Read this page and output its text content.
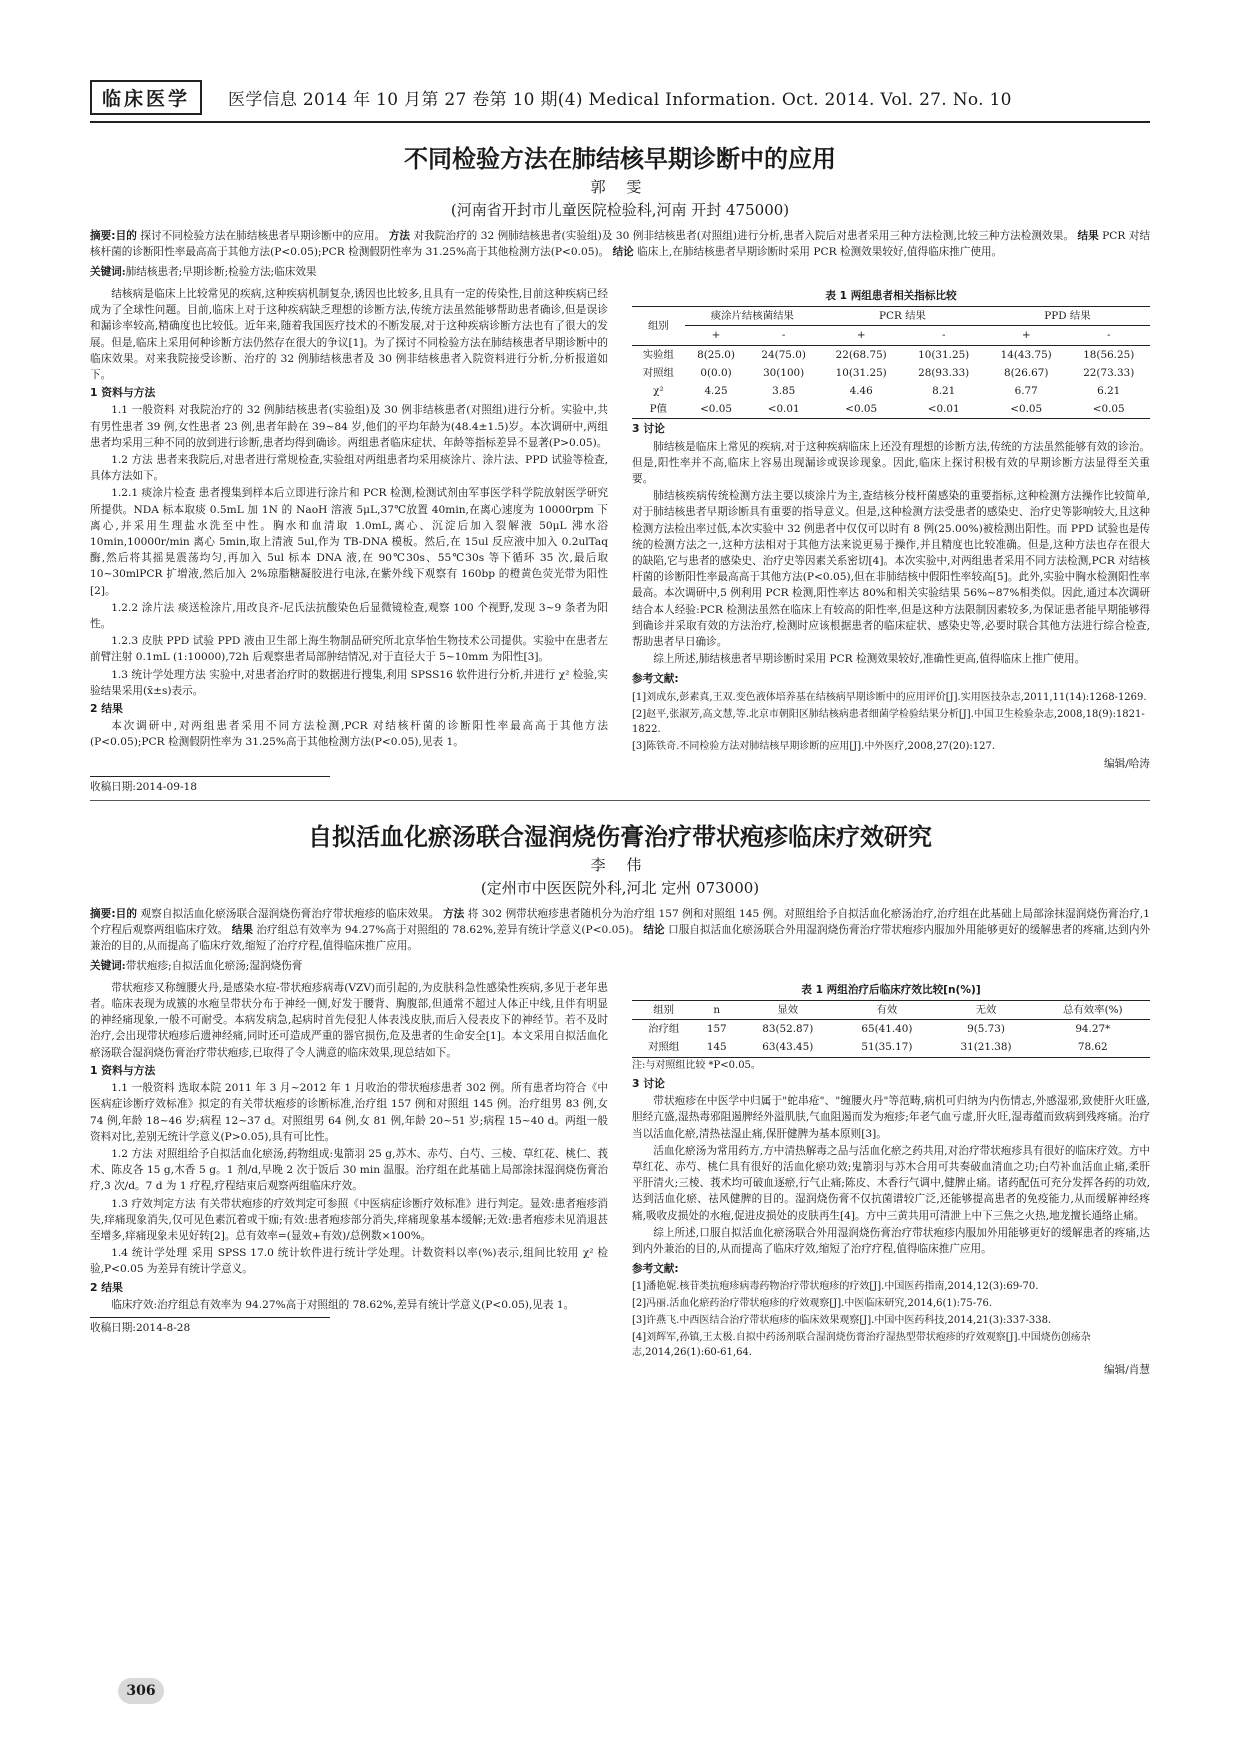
临床医学	医学信息 2014 年 10 月第 27 卷第 10 期(4) Medical Information. Oct. 2014. Vol. 27. No. 10
不同检验方法在肺结核早期诊断中的应用
郭 雯
(河南省开封市儿童医院检验科,河南 开封 475000)
摘要:目的 探讨不同检验方法在肺结核患者早期诊断中的应用。 方法 对我院治疗的 32 例肺结核患者(实验组)及 30 例非结核患者(对照组)进行分析,患者入院后对患者采用三种方法检测,比较三种方法检测效果。 结果 PCR 对结核杆菌的诊断阳性率最高高于其他方法(P<0.05);PCR 检测假阴性率为 31.25%高于其他检测方法(P<0.05)。 结论 临床上,在肺结核患者早期诊断时采用 PCR 检测效果较好,值得临床推广使用。
关键词:肺结核患者;早期诊断;检验方法;临床效果

结核病是临床上比较常见的疾病,这种疾病机制复杂,诱因也比较多,且具有一定的传染性,目前这种疾病已经成为了全球性问题。目前,临床上对于这种疾病缺乏理想的诊断方法,传统方法虽然能够帮助患者确诊,但是误诊和漏诊率较高,精确度也比较低。近年来,随着我国医疗技术的不断发展,对于这种疾病诊断方法也有了很大的发展。但是,临床上采用何种诊断方法仍然存在很大的争议[1]。为了探讨不同检验方法在肺结核患者早期诊断中的临床效果。对来我院接受诊断、治疗的 32 例肺结核患者及 30 例非结核患者入院资料进行分析,分析报道如下。

1 资料与方法

1.1 一般资料 对我院治疗的 32 例肺结核患者(实验组)及 30 例非结核患者(对照组)进行分析。实验中,共有男性患者 39 例,女性患者 23 例,患者年龄在 39~84 岁,他们的平均年龄为(48.4±1.5)岁。本次调研中,两组患者均采用三种不同的放到进行诊断,患者均得到确诊。两组患者临床症状、年龄等指标差异不显著(P>0.05)。

1.2 方法 患者来我院后,对患者进行常规检查,实验组对两组患者均采用痰涂片、涂片法、PPD 试验等检查,具体方法如下。

1.2.1 痰涂片检查 患者搜集到样本后立即进行涂片和 PCR 检测,检测试剂由军事医学科学院放射医学研究所提供。NDA 标本取痰 0.5mL 加 1N 的 NaoH 溶液 5μL,37℃放置 40min,在离心速度为 10000rpm 下离心,并采用生理盐水洗至中性。胸水和血清取 1.0mL,离心、沉淀后加入裂解液 50μL 沸水浴 10min,10000r/min 离心 5min,取上清液 5ul,作为 TB-DNA 模板。然后,在 15ul 反应液中加入 0.2ulTaq 酶,然后将其摇晃震荡均匀,再加入 5ul 标本 DNA 液,在 90℃30s、55℃30s 等下循环 35 次,最后取 10~30mlPCR 扩增液,然后加入 2%琼脂糖凝胶进行电泳,在紫外线下观察有 160bp 的橙黄色荧光带为阳性[2]。

1.2.2 涂片法 痰送检涂片,用改良齐-尼氏法抗酸染色后显微镜检查,观察 100 个视野,发现 3~9 条者为阳性。

1.2.3 皮肤 PPD 试验 PPD 液由卫生部上海生物制品研究所北京华怡生物技术公司提供。实验中在患者左前臂注射 0.1mL (1:10000),72h 后观察患者局部肿结情况,对于直径大于 5~10mm 为阳性[3]。

1.3 统计学处理方法 实验中,对患者治疗时的数据进行搜集,利用 SPSS16 软件进行分析,并进行 χ² 检验,实验结果采用(x̄±s)表示。

2 结果

本次调研中,对两组患者采用不同方法检测,PCR 对结核杆菌的诊断阳性率最高高于其他方法(P<0.05);PCR 检测假阴性率为 31.25%高于其他检测方法(P<0.05),见表 1。

表 1 两组患者相关指标比较
组别	痰涂片结核菌结果		PCR 结果		PPD 结果	
	+	-	+	-	+	-
实验组	8(25.0)	24(75.0)	22(68.75)	10(31.25)	14(43.75)	18(56.25)
对照组	0(0.0)	30(100)	10(31.25)	28(93.33)	8(26.67)	22(73.33)
χ²	4.25	3.85	4.46	8.21	6.77	6.21
P值	<0.05	<0.01	<0.05	<0.01	<0.05	<0.05
3 讨论

肺结核是临床上常见的疾病,对于这种疾病临床上还没有理想的诊断方法,传统的方法虽然能够有效的诊治。但是,阳性率并不高,临床上容易出现漏诊或误诊现象。因此,临床上探讨积极有效的早期诊断方法显得至关重要。

肺结核疾病传统检测方法主要以痰涂片为主,查结核分枝杆菌感染的重要指标,这种检测方法操作比较简单,对于肺结核患者早期诊断具有重要的指导意义。但是,这种检测方法受患者的感染史、治疗史等影响较大,且这种检测方法检出率过低,本次实验中 32 例患者中仅仅可以时有 8 例(25.00%)被检测出阳性。而 PPD 试验也是传统的检测方法之一,这种方法相对于其他方法来说更易于操作,并且精度也比较准确。但是,这种方法也存在很大的缺陷,它与患者的感染史、治疗史等因素关系密切[4]。本次实验中,对两组患者采用不同方法检测,PCR 对结核杆菌的诊断阳性率最高高于其他方法(P<0.05),但在非肺结核中假阳性率较高[5]。此外,实验中胸水检测阳性率最高。本次调研中,5 例利用 PCR 检测,阳性率达 80%和相关实验结果 56%~87%相类似。因此,通过本次调研结合本人经验:PCR 检测法虽然在临床上有较高的阳性率,但是这种方法限制因素较多,为保证患者能早期能够得到确诊并采取有效的方法治疗,检测时应该根据患者的临床症状、感染史等,必要时联合其他方法进行综合检查,帮助患者早日确诊。

综上所述,肺结核患者早期诊断时采用 PCR 检测效果较好,准确性更高,值得临床上推广使用。

参考文献:
[1]刘成东,彭素真,王双.变色液体培养基在结核病早期诊断中的应用评价[J].实用医技杂志,2011,11(14):1268-1269.
[2]赵平,张淑芳,高文慧,等.北京市朝阳区肺结核病患者细菌学检验结果分析[J].中国卫生检验杂志,2008,18(9):1821-1822.
[3]陈铁奇.不同检验方法对肺结核早期诊断的应用[J].中外医疗,2008,27(20):127.
编辑/哈涛
收稿日期:2014-09-18
自拟活血化瘀汤联合湿润烧伤膏治疗带状疱疹临床疗效研究
李 伟
(定州市中医医院外科,河北 定州 073000)
摘要:目的 观察自拟活血化瘀汤联合湿润烧伤膏治疗带状疱疹的临床效果。 方法 将 302 例带状疱疹患者随机分为治疗组 157 例和对照组 145 例。对照组给予自拟活血化瘀汤治疗,治疗组在此基础上局部涂抹湿润烧伤膏治疗,1 个疗程后观察两组临床疗效。 结果 治疗组总有效率为 94.27%高于对照组的 78.62%,差异有统计学意义(P<0.05)。 结论 口服自拟活血化瘀汤联合外用湿润烧伤膏治疗带状疱疹内服加外用能够更好的缓解患者的疼痛,达到内外兼治的目的,从而提高了临床疗效,缩短了治疗疗程,值得临床推广应用。
关键词:带状疱疹;自拟活血化瘀汤;湿润烧伤膏

带状疱疹又称缠腰火丹,是感染水痘-带状疱疹病毒(VZV)而引起的,为皮肤科急性感染性疾病,多见于老年患者。临床表现为成簇的水疱呈带状分布于神经一侧,好发于腰背、胸腹部,但通常不超过人体正中线,且伴有明显的神经痛现象,一般不可耐受。本病发病急,起病时首先侵犯人体表浅皮肤,而后入侵表皮下的神经节。若不及时治疗,会出现带状疱疹后遗神经痛,同时还可造成严重的器官损伤,危及患者的生命安全[1]。本文采用自拟活血化瘀汤联合湿润烧伤膏治疗带状疱疹,已取得了令人满意的临床效果,现总结如下。

1 资料与方法

1.1 一般资料 选取本院 2011 年 3 月~2012 年 1 月收治的带状疱疹患者 302 例。所有患者均符合《中医病症诊断疗效标准》拟定的有关带状疱疹的诊断标准,治疗组 157 例和对照组 145 例。治疗组男 83 例,女 74 例,年龄 18~46 岁;病程 12~37 d。对照组男 64 例,女 81 例,年龄 20~51 岁;病程 15~40 d。两组一般资料对比,差别无统计学意义(P>0.05),具有可比性。

1.2 方法 对照组给予自拟活血化瘀汤,药物组成:鬼箭羽 25 g,苏木、赤芍、白芍、三棱、草红花、桃仁、莪术、陈皮各 15 g,木香 5 g。1 剂/d,早晚 2 次于饭后 30 min 温服。治疗组在此基础上局部涂抹湿润烧伤膏治疗,3 次/d。7 d 为 1 疗程,疗程结束后观察两组临床疗效。

1.3 疗效判定方法 有关带状疱疹的疗效判定可参照《中医病症诊断疗效标准》进行判定。显效:患者疱疹消失,痒痛现象消失,仅可见色素沉着或干痂;有效:患者疱疹部分消失,痒痛现象基本缓解;无效:患者疱疹未见消退甚至增多,痒痛现象未见好转[2]。总有效率=(显效+有效)/总例数×100%。

1.4 统计学处理 采用 SPSS 17.0 统计软件进行统计学处理。计数资料以率(%)表示,组间比较用 χ² 检验,P<0.05 为差异有统计学意义。

2 结果

临床疗效:治疗组总有效率为 94.27%高于对照组的 78.62%,差异有统计学意义(P<0.05),见表 1。

收稿日期:2014-8-28
表 1 两组治疗后临床疗效比较[n(%)]
组别	n	显效	有效	无效	总有效率(%)
治疗组	157	83(52.87)	65(41.40)	9(5.73)	94.27*
对照组	145	63(43.45)	51(35.17)	31(21.38)	78.62
注:与对照组比较 *P<0.05。
3 讨论

带状疱疹在中医学中归属于"蛇串疮"、"缠腰火丹"等范畴,病机可归纳为内伤情志,外感湿邪,致使肝火旺盛,胆经亢盛,湿热毒邪阻遏脾经外溢肌肤,气血阻遏而发为疱疹;年老气血亏虚,肝火旺,湿毒蕴而致病到残疼痛。治疗当以活血化瘀,清热祛湿止痛,保肝健脾为基本原则[3]。

活血化瘀汤为常用药方,方中清热解毒之品与活血化瘀之药共用,对治疗带状疱疹具有很好的临床疗效。方中草红花、赤芍、桃仁具有很好的活血化瘀功效;鬼箭羽与苏木合用可共奏破血清血之功;白芍补血活血止痛,柔肝平肝清火;三棱、莪术均可破血逐瘀,行气止痛;陈皮、木香行气调中,健脾止痛。诸药配伍可充分发挥各药的功效,达到活血化瘀、祛风健脾的目的。湿润烧伤膏不仅抗菌谱较广泛,还能够提高患者的免疫能力,从而缓解神经疼痛,吸收皮损处的水疱,促进皮损处的皮肤再生[4]。方中三黄共用可清泄上中下三焦之火热,地龙擅长通络止痛。

综上所述,口服自拟活血化瘀汤联合外用湿润烧伤膏治疗带状疱疹内服加外用能够更好的缓解患者的疼痛,达到内外兼治的目的,从而提高了临床疗效,缩短了治疗疗程,值得临床推广应用。

参考文献:
[1]潘艳妮.核苷类抗疱疹病毒药物治疗带状疱疹的疗效[J].中国医药指南,2014,12(3):69-70.
[2]冯丽.活血化瘀药治疗带状疱疹的疗效观察[J].中医临床研究,2014,6(1):75-76.
[3]许燕飞.中西医结合治疗带状疱疹的临床效果观察[J].中国中医药科技,2014,21(3):337-338.
[4]刘辉军,孙镇,王太极.自拟中药汤剂联合湿润烧伤膏治疗湿热型带状疱疹的疗效观察[J].中国烧伤创疡杂志,2014,26(1):60-61,64.
编辑/肖慧
306
